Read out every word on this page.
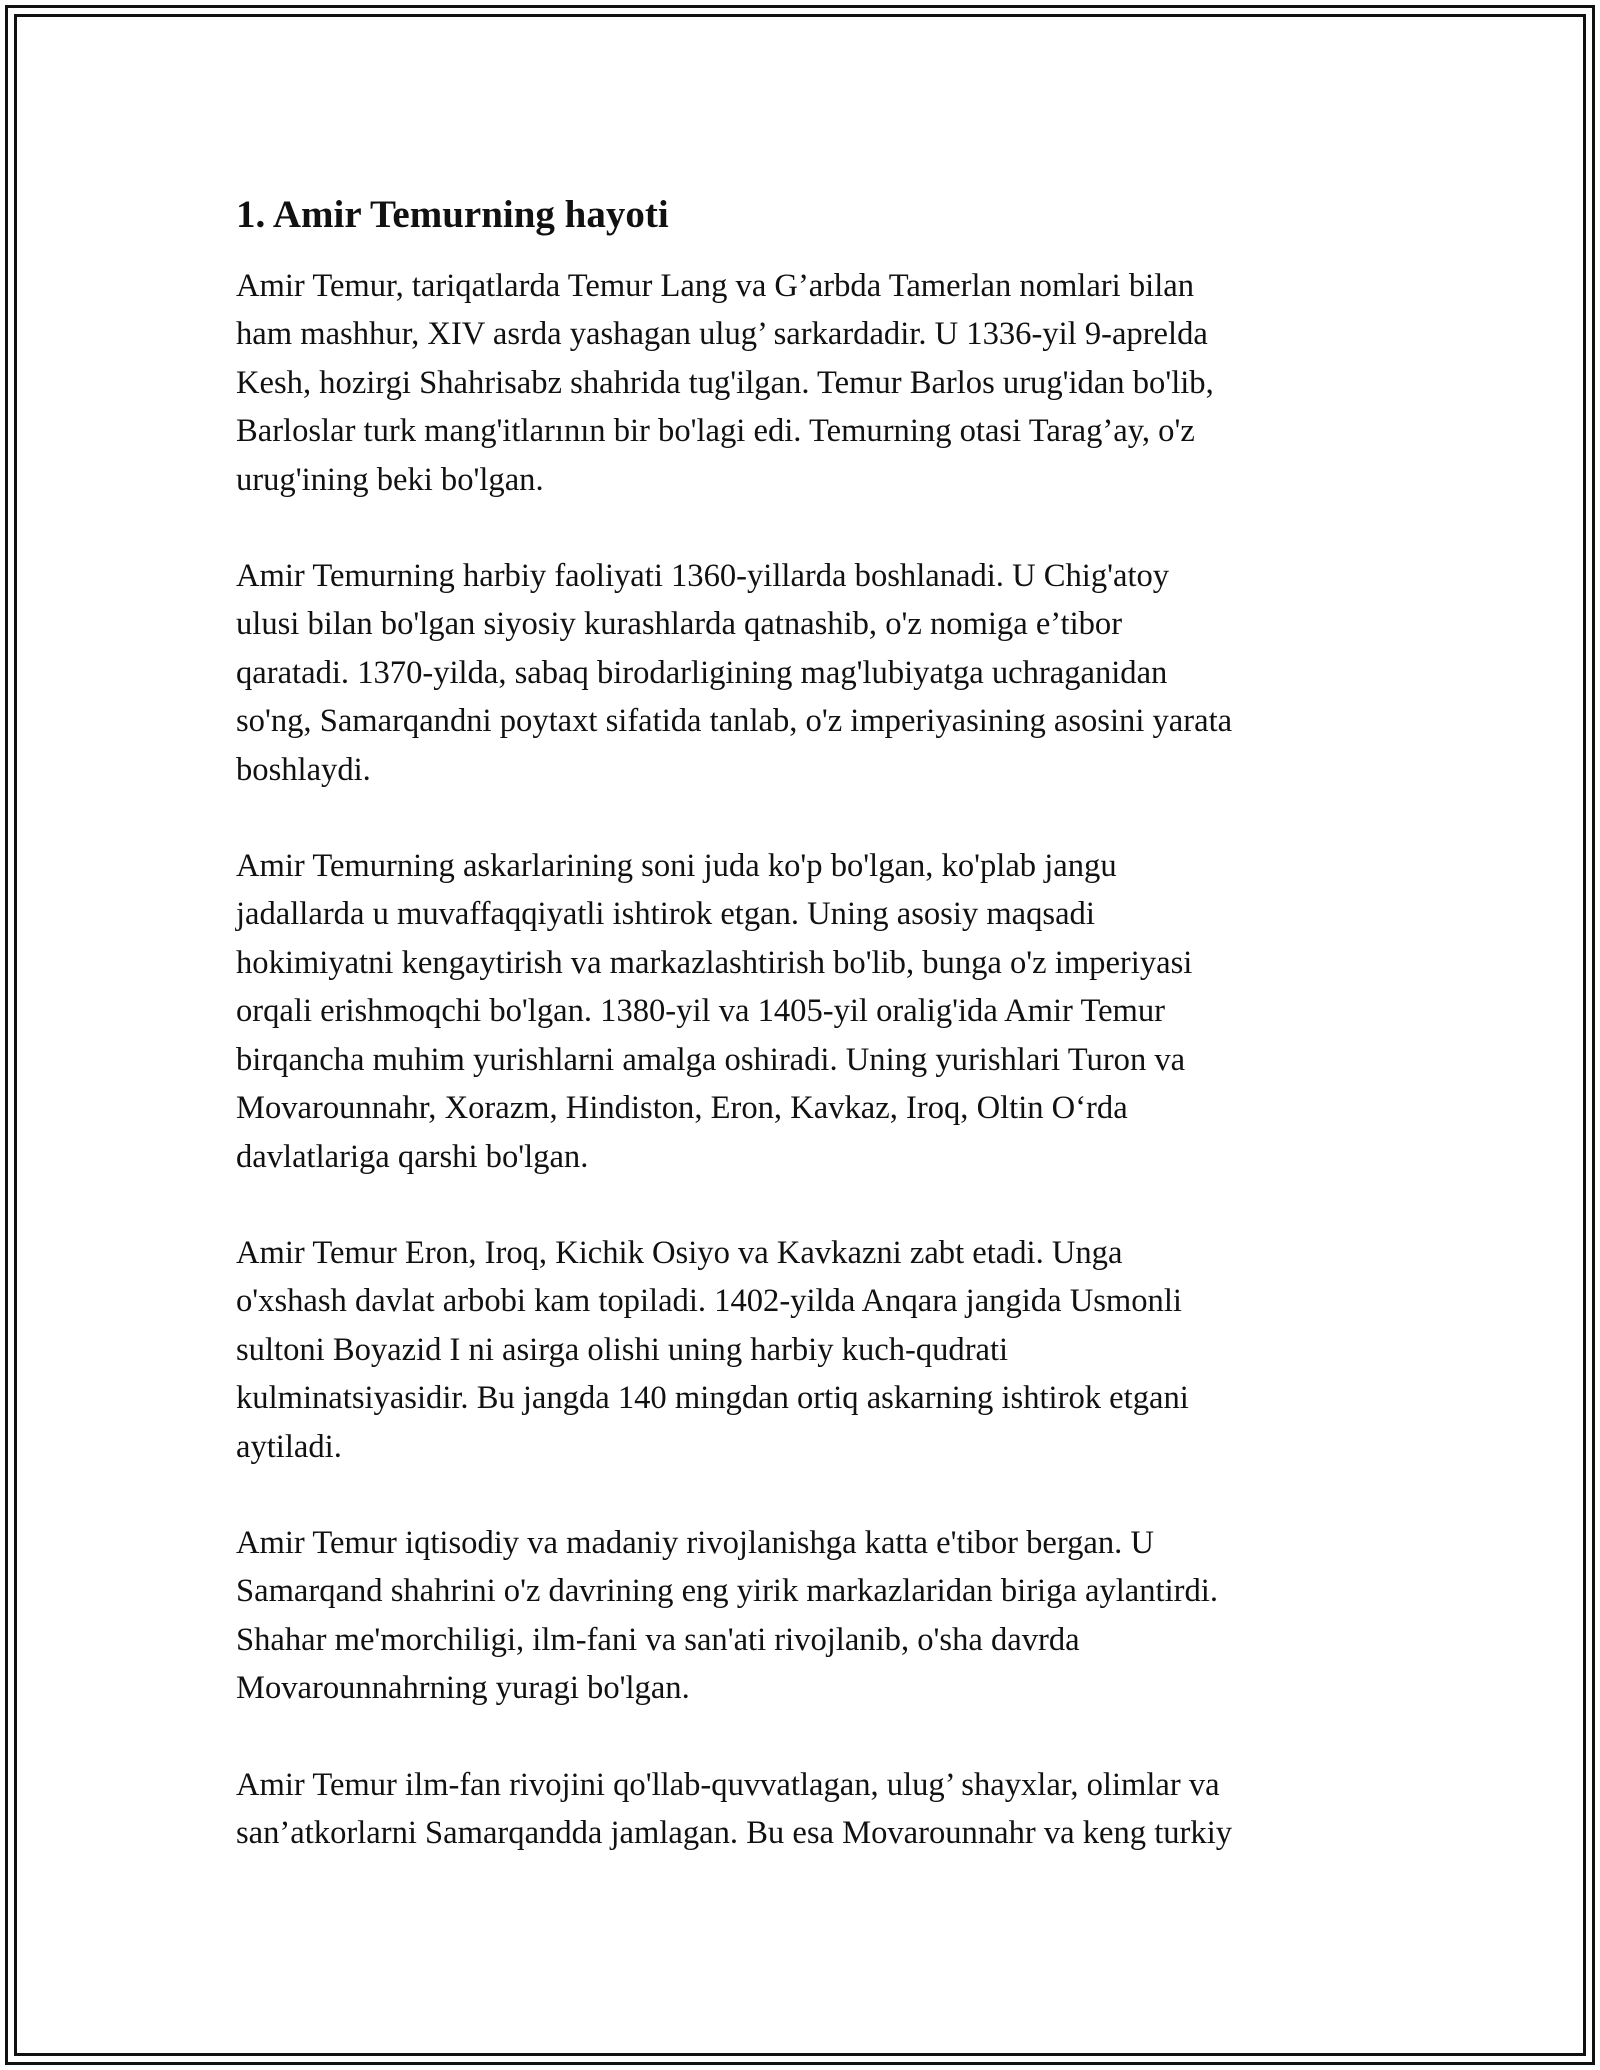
1. Amir Temurning hayoti

Amir Temur, tariqatlarda Temur Lang va G’arbda Tamerlan nomlari bilan
ham mashhur, XIV asrda yashagan ulug’ sarkardadir. U 1336-yil 9-aprelda
Kesh, hozirgi Shahrisabz shahrida tug'ilgan. Temur Barlos urug'idan bo'lib,
Barloslar turk mang'itlarının bir bo'lagi edi. Temurning otasi Tarag’ay, o'z
urug'ining beki bo'lgan.

Amir Temurning harbiy faoliyati 1360-yillarda boshlanadi. U Chig'atoy
ulusi bilan bo'lgan siyosiy kurashlarda qatnashib, o'z nomiga e’tibor
qaratadi. 1370-yilda, sabaq birodarligining mag'lubiyatga uchraganidan
so'ng, Samarqandni poytaxt sifatida tanlab, o'z imperiyasining asosini yarata
boshlaydi.

Amir Temurning askarlarining soni juda ko'p bo'lgan, ko'plab jangu
jadallarda u muvaffaqqiyatli ishtirok etgan. Uning asosiy maqsadi
hokimiyatni kengaytirish va markazlashtirish bo'lib, bunga o'z imperiyasi
orqali erishmoqchi bo'lgan. 1380-yil va 1405-yil oralig'ida Amir Temur
birqancha muhim yurishlarni amalga oshiradi. Uning yurishlari Turon va
Movarounnahr, Xorazm, Hindiston, Eron, Kavkaz, Iroq, Oltin O‘rda
davlatlariga qarshi bo'lgan.

Amir Temur Eron, Iroq, Kichik Osiyo va Kavkazni zabt etadi. Unga
o'xshash davlat arbobi kam topiladi. 1402-yilda Anqara jangida Usmonli
sultoni Boyazid I ni asirga olishi uning harbiy kuch-qudrati
kulminatsiyasidir. Bu jangda 140 mingdan ortiq askarning ishtirok etgani
aytiladi.

Amir Temur iqtisodiy va madaniy rivojlanishga katta e'tibor bergan. U
Samarqand shahrini o'z davrining eng yirik markazlaridan biriga aylantirdi.
Shahar me'morchiligi, ilm-fani va san'ati rivojlanib, o'sha davrda
Movarounnahrning yuragi bo'lgan.

Amir Temur ilm-fan rivojini qo'llab-quvvatlagan, ulug’ shayxlar, olimlar va
san’atkorlarni Samarqandda jamlagan. Bu esa Movarounnahr va keng turkiy
